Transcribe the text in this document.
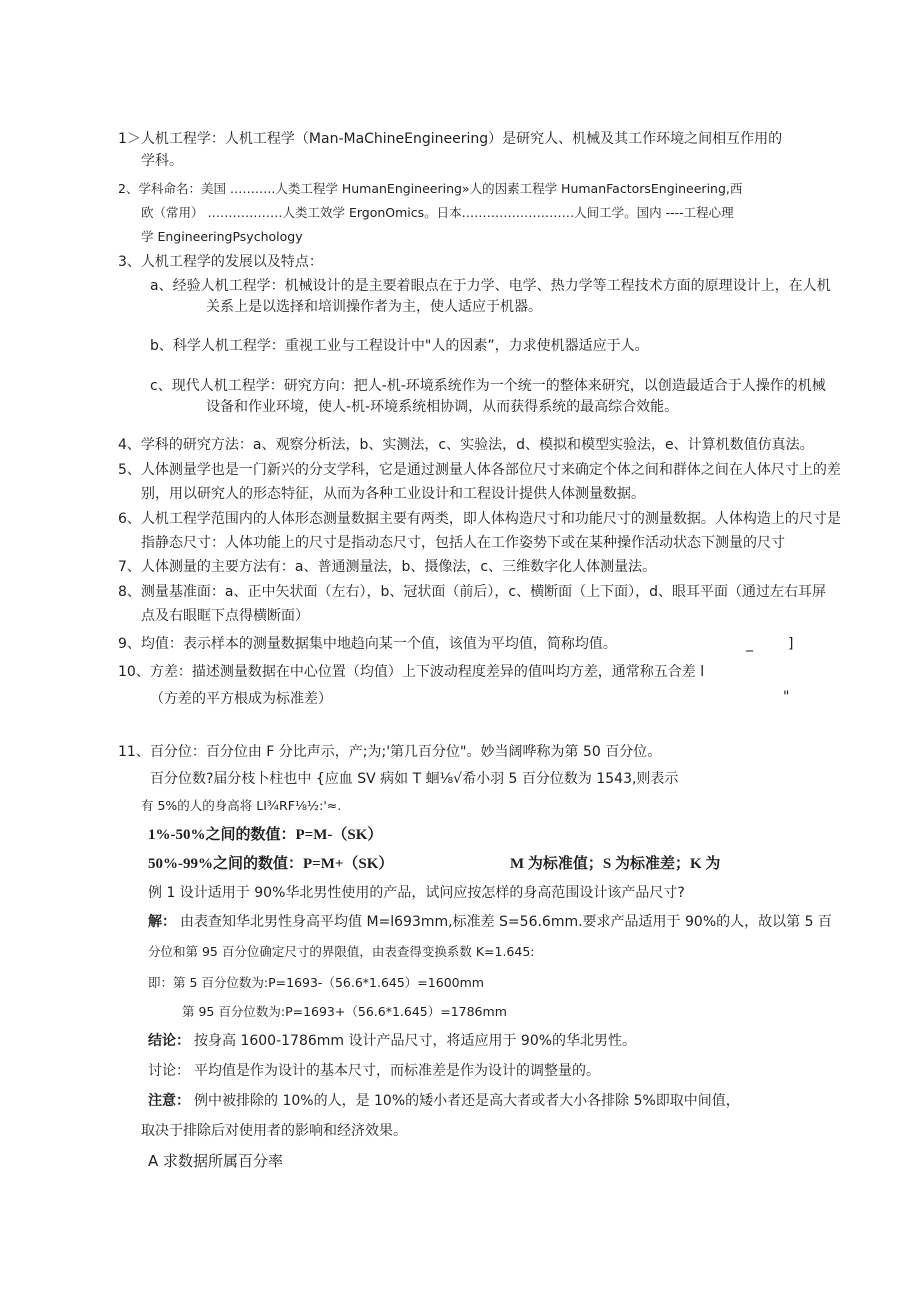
1＞人机工程学：人机工程学（Man-MaChineEngineering）是研究人、机械及其工作环境之间相互作用的
学科。
2、学科命名：美国 ………..人类工程学 HumanEngineering»人的因素工程学 HumanFactorsEngineering,西
欧（常用） ………………人类工效学 ErgonOmics。日本………………………人间工学。国内 ----工程心理
学 EngineeringPsychology
3、人机工程学的发展以及特点：
a、经验人机工程学：机械设计的是主要着眼点在于力学、电学、热力学等工程技术方面的原理设计上，在人机
关系上是以选择和培训操作者为主，使人适应于机器。
b、科学人机工程学：重视工业与工程设计中"人的因素”，力求使机器适应于人。
c、现代人机工程学：研究方向：把人-机-环境系统作为一个统一的整体来研究，以创造最适合于人操作的机械
设备和作业环境，使人-机-环境系统相协调，从而获得系统的最高综合效能。
4、学科的研究方法：a、观察分析法，b、实测法，c、实验法，d、模拟和模型实验法，e、计算机数值仿真法。
5、人体测量学也是一门新兴的分支学科，它是通过测量人体各部位尺寸来确定个体之间和群体之间在人体尺寸上的差
别，用以研究人的形态特征，从而为各种工业设计和工程设计提供人体测量数据。
6、人机工程学范围内的人体形态测量数据主要有两类，即人体构造尺寸和功能尺寸的测量数据。人体构造上的尺寸是
指静态尺寸：人体功能上的尺寸是指动态尺寸，包括人在工作姿势下或在某种操作活动状态下测量的尺寸
7、人体测量的主要方法有：a、普通测量法，b、摄像法，c、三维数字化人体测量法。
8、测量基准面：a、正中矢状面（左右），b、冠状面（前后），c、横断面（上下面），d、眼耳平面（通过左右耳屏
点及右眼眶下点得横断面）
9、均值：表示样本的测量数据集中地趋向某一个值，该值为平均值，简称均值。	_	]
10、方差：描述测量数据在中心位置（均值）上下波动程度差异的值叫均方差，通常称五合差 l
（方差的平方根成为标准差）	"
11、百分位：百分位由 F 分比声示，产;为;'第几百分位"。妙当阔哗称为第 50 百分位。
百分位数?届分枝卜柱也中 {应血 SV 病如 T 蛔⅛√希小羽 5 百分位数为 1543,则表示
有 5%的人的身高将 LI¾RF⅛½:'≈.
1%-50%之间的数值：P=M-（SK）
50%-99%之间的数值：P=M+（SK）	M 为标准值；S 为标准差；K 为
例 1 设计适用于 90%华北男性使用的产品，试问应按怎样的身高范围设计该产品尺寸?
解： 由表查知华北男性身高平均值 M=l693mm,标准差 S=56.6mm.要求产品适用于 90%的人，故以第 5 百
分位和第 95 百分位确定尺寸的界限值，由表查得变换系数 K=1.645:
即：第 5 百分位数为:P=1693-（56.6*1.645）=1600mm
第 95 百分位数为:P=1693+（56.6*1.645）=1786mm
结论： 按身高 1600-1786mm 设计产品尺寸，将适应用于 90%的华北男性。
讨论： 平均值是作为设计的基本尺寸，而标准差是作为设计的调整量的。
注意： 例中被排除的 10%的人，是 10%的矮小者还是高大者或者大小各排除 5%即取中间值，
取决于排除后对使用者的影响和经济效果。
A 求数据所属百分率
